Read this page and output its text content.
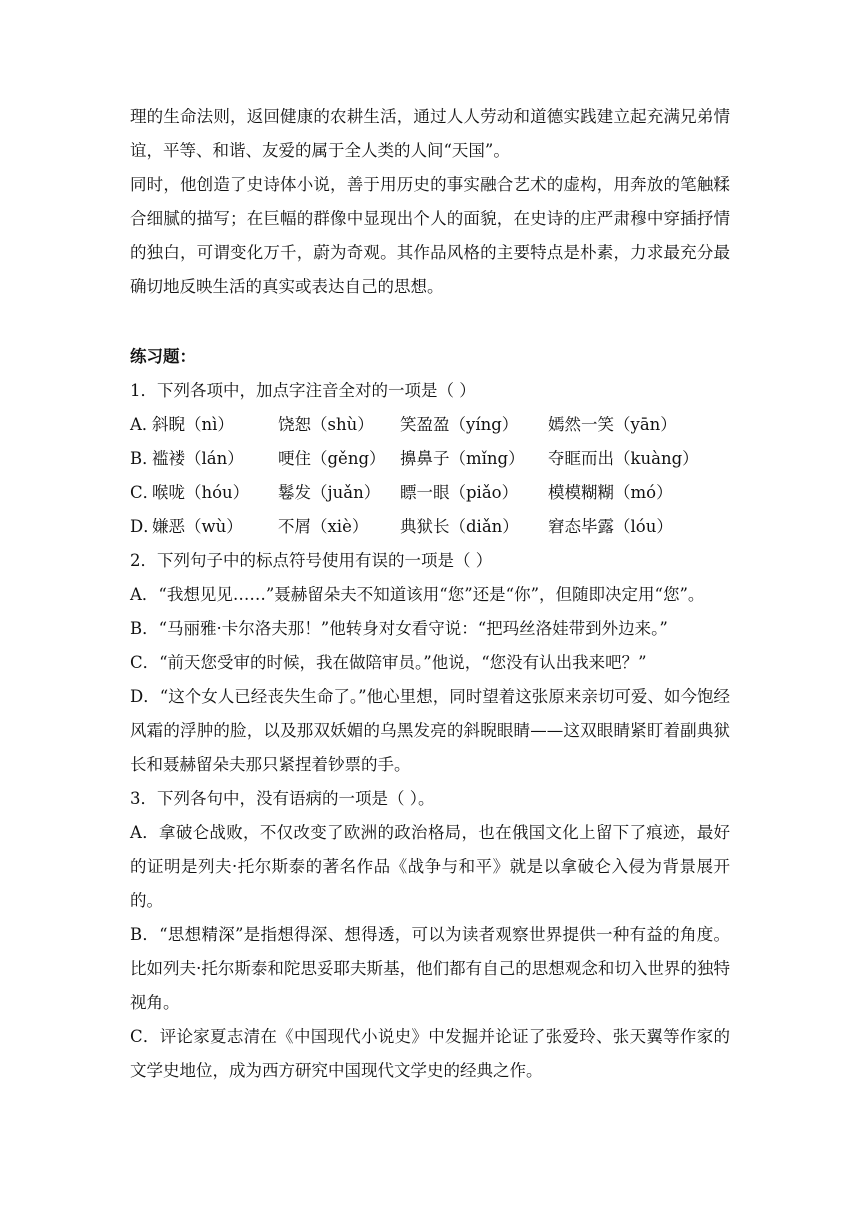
理的生命法则，返回健康的农耕生活，通过人人劳动和道德实践建立起充满兄弟情谊，平等、和谐、友爱的属于全人类的人间“天国”。

同时，他创造了史诗体小说，善于用历史的事实融合艺术的虚构，用奔放的笔触糅合细腻的描写；在巨幅的群像中显现出个人的面貌，在史诗的庄严肃穆中穿插抒情的独白，可谓变化万千，蔚为奇观。其作品风格的主要特点是朴素，力求最充分最确切地反映生活的真实或表达自己的思想。

练习题：

1．下列各项中，加点字注音全对的一项是（ ）

A．
斜睨（nì）	饶恕（shù）	笑盈盈（yíng）	嫣然一笑（yān）
B．
褴褛（lán）	哽住（gěng） 擤鼻子（mǐng）	夺眶而出（kuàng）
C．
喉咙（hóu）	鬈发（juǎn）	瞟一眼（piǎo）	模模糊糊（mó）
D．
嫌恶（wù）	不屑（xiè）	典狱长（diǎn）	窘态毕露（lóu）

2．下列句子中的标点符号使用有误的一项是（ ）

A．“我想见见……”聂赫留朵夫不知道该用“您”还是“你”，但随即决定用“您”。

B．“马丽雅·卡尔洛夫那！”他转身对女看守说：“把玛丝洛娃带到外边来。”

C．“前天您受审的时候，我在做陪审员。”他说，“您没有认出我来吧？”

D．“这个女人已经丧失生命了。”他心里想，同时望着这张原来亲切可爱、如今饱经风霜的浮肿的脸，以及那双妖媚的乌黑发亮的斜睨眼睛——这双眼睛紧盯着副典狱长和聂赫留朵夫那只紧捏着钞票的手。

3．下列各句中，没有语病的一项是（ ）。

A．拿破仑战败，不仅改变了欧洲的政治格局，也在俄国文化上留下了痕迹，最好的证明是列夫·托尔斯泰的著名作品《战争与和平》就是以拿破仑入侵为背景展开的。

B．“思想精深”是指想得深、想得透，可以为读者观察世界提供一种有益的角度。比如列夫·托尔斯泰和陀思妥耶夫斯基，他们都有自己的思想观念和切入世界的独特视角。

C．评论家夏志清在《中国现代小说史》中发掘并论证了张爱玲、张天翼等作家的文学史地位，成为西方研究中国现代文学史的经典之作。
